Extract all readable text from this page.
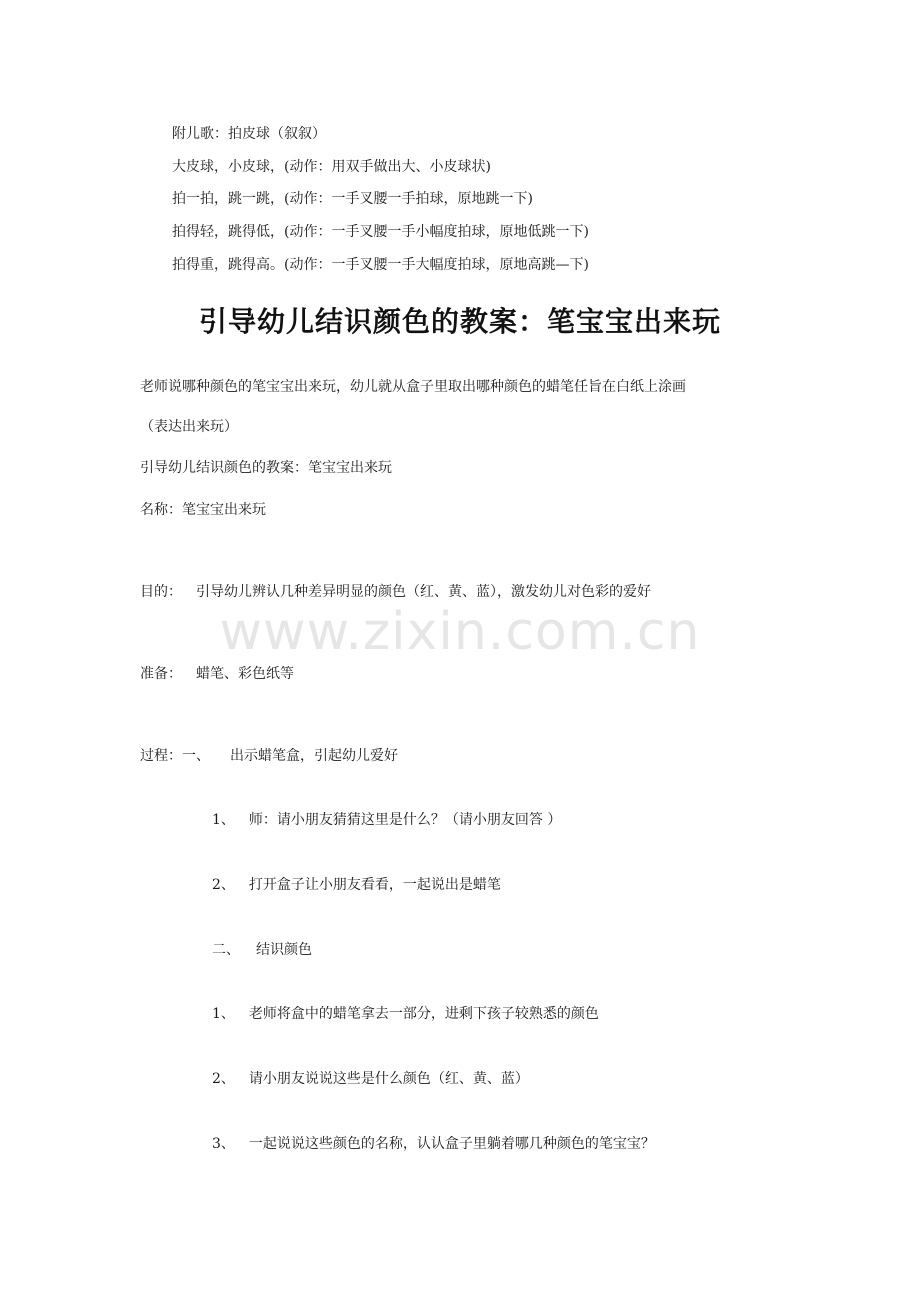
附儿歌：拍皮球（叙叙）
大皮球，小皮球，(动作：用双手做出大、小皮球状)
拍一拍，跳一跳，(动作：一手叉腰一手拍球，原地跳一下)
拍得轻，跳得低，(动作：一手叉腰一手小幅度拍球，原地低跳一下)
拍得重，跳得高。(动作：一手叉腰一手大幅度拍球，原地高跳—下)
引导幼儿结识颜色的教案：笔宝宝出来玩
老师说哪种颜色的笔宝宝出来玩，幼儿就从盒子里取出哪种颜色的蜡笔任旨在白纸上涂画
（表达出来玩）
引导幼儿结识颜色的教案：笔宝宝出来玩
名称：笔宝宝出来玩
目的： 引导幼儿辨认几种差异明显的颜色（红、黄、蓝），激发幼儿对色彩的爱好
www.zixin.com.cn
准备： 蜡笔、彩色纸等
过程：一、 出示蜡笔盒，引起幼儿爱好
1、 师：请小朋友猜猜这里是什么？（请小朋友回答 ）
2、 打开盒子让小朋友看看，一起说出是蜡笔
二、 结识颜色
1、 老师将盒中的蜡笔拿去一部分，进剩下孩子较熟悉的颜色
2、 请小朋友说说这些是什么颜色（红、黄、蓝）
3、 一起说说这些颜色的名称，认认盒子里躺着哪几种颜色的笔宝宝？
